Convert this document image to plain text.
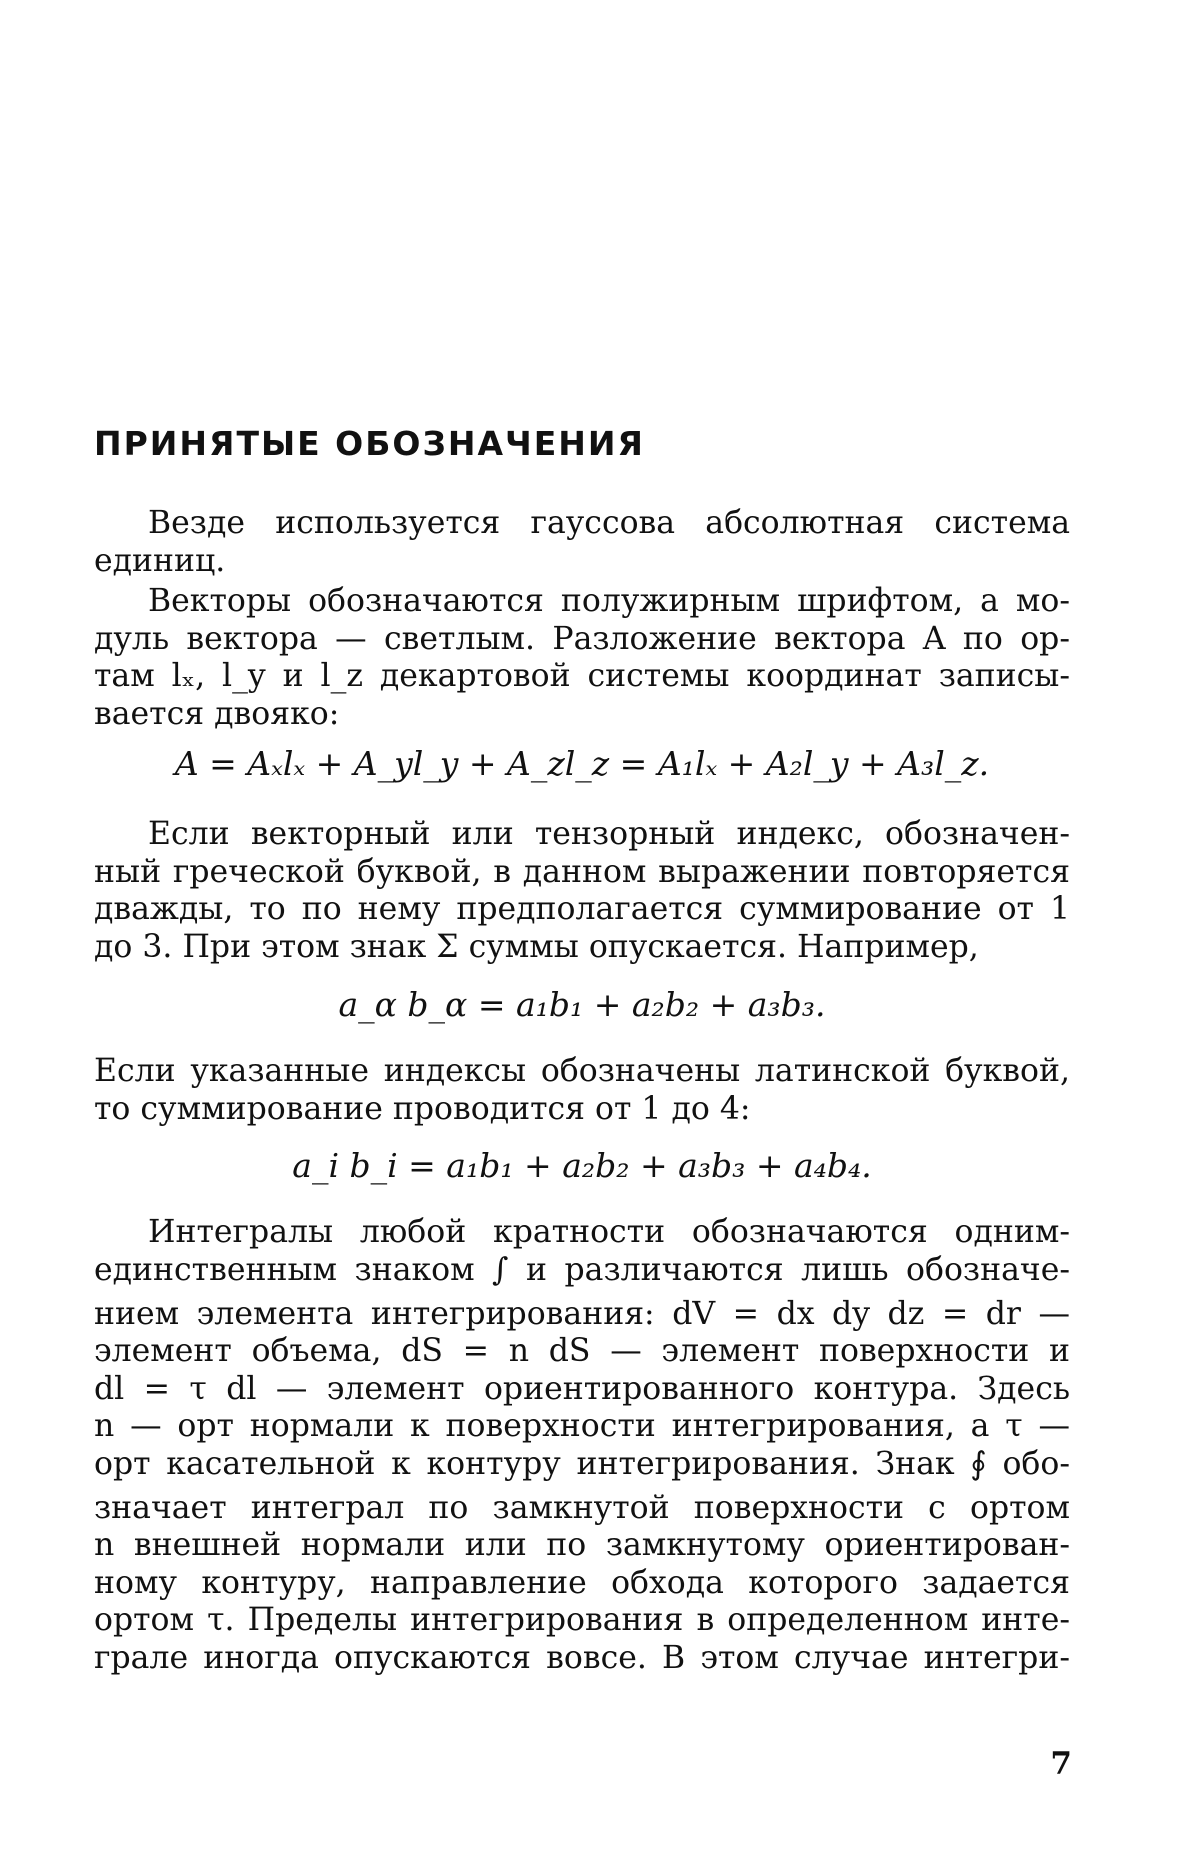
ПРИНЯТЫЕ ОБОЗНАЧЕНИЯ
Везде используется гауссова абсолютная система
единиц.
Векторы обозначаются полужирным шрифтом, а мо-
дуль вектора — светлым. Разложение вектора A по ор-
там lₓ, l_y и l_z декартовой системы координат записы-
вается двояко:
A = Aₓlₓ + A_yl_y + A_zl_z = A₁lₓ + A₂l_y + A₃l_z.
Если векторный или тензорный индекс, обозначен-
ный греческой буквой, в данном выражении повторяется
дважды, то по нему предполагается суммирование от 1
до 3. При этом знак Σ суммы опускается. Например,
a_α b_α = a₁b₁ + a₂b₂ + a₃b₃.
Если указанные индексы обозначены латинской буквой,
то суммирование проводится от 1 до 4:
a_i b_i = a₁b₁ + a₂b₂ + a₃b₃ + a₄b₄.
Интегралы любой кратности обозначаются одним-
единственным знаком ∫ и различаются лишь обозначе-
нием элемента интегрирования: dV = dx dy dz = dr —
элемент объема, dS = n dS — элемент поверхности и
dl = τ dl — элемент ориентированного контура. Здесь
n — орт нормали к поверхности интегрирования, а τ —
орт касательной к контуру интегрирования. Знак ∮ обо-
значает интеграл по замкнутой поверхности с ортом
n внешней нормали или по замкнутому ориентирован-
ному контуру, направление обхода которого задается
ортом τ. Пределы интегрирования в определенном инте-
грале иногда опускаются вовсе. В этом случае интегри-
7
